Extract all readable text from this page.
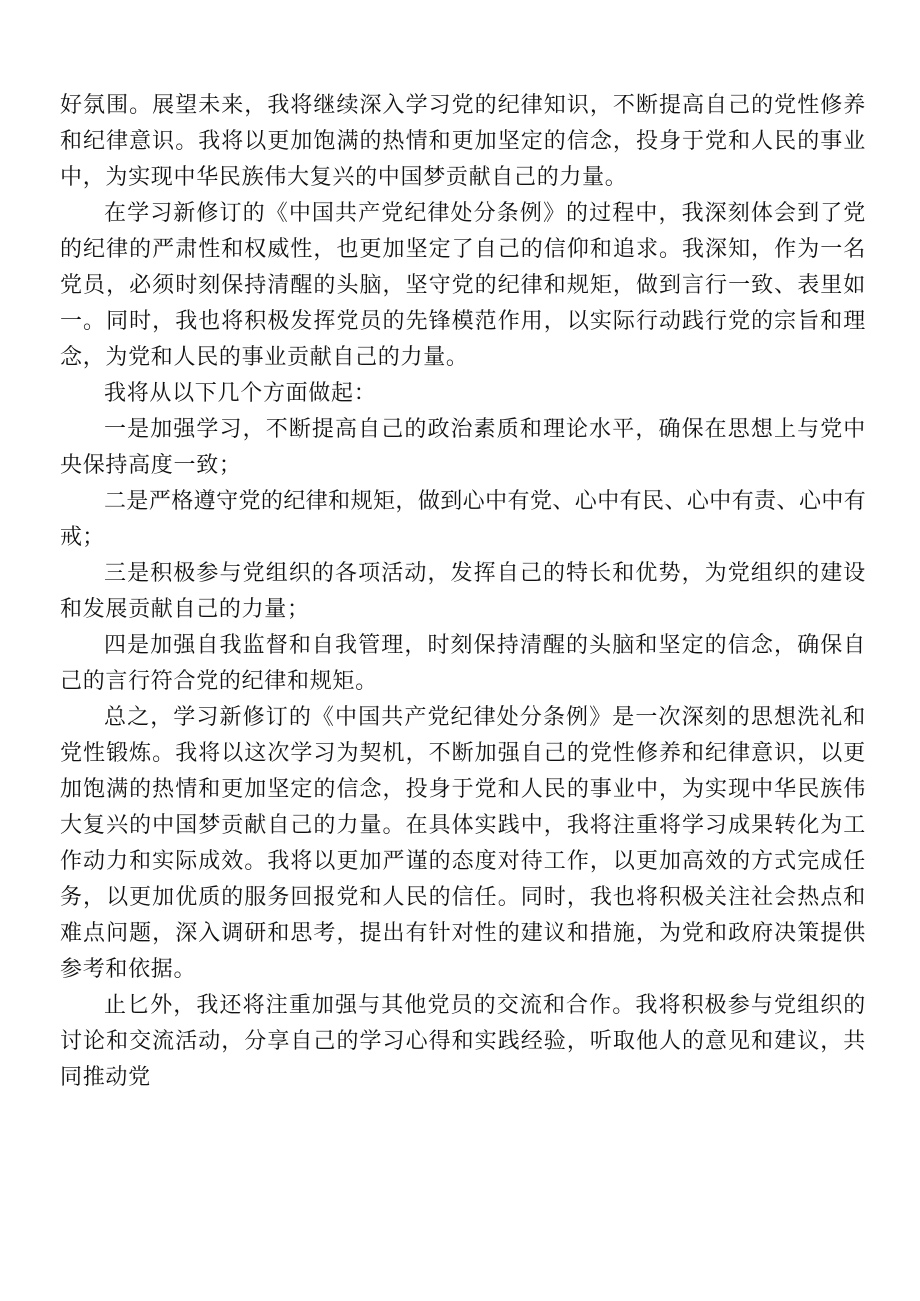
好氛围。展望未来，我将继续深入学习党的纪律知识，不断提高自己的党性修养和纪律意识。我将以更加饱满的热情和更加坚定的信念，投身于党和人民的事业中，为实现中华民族伟大复兴的中国梦贡献自己的力量。

在学习新修订的《中国共产党纪律处分条例》的过程中，我深刻体会到了党的纪律的严肃性和权威性，也更加坚定了自己的信仰和追求。我深知，作为一名党员，必须时刻保持清醒的头脑，坚守党的纪律和规矩，做到言行一致、表里如一。同时，我也将积极发挥党员的先锋模范作用，以实际行动践行党的宗旨和理念，为党和人民的事业贡献自己的力量。

我将从以下几个方面做起：

一是加强学习，不断提高自己的政治素质和理论水平，确保在思想上与党中央保持高度一致；

二是严格遵守党的纪律和规矩，做到心中有党、心中有民、心中有责、心中有戒；

三是积极参与党组织的各项活动，发挥自己的特长和优势，为党组织的建设和发展贡献自己的力量；

四是加强自我监督和自我管理，时刻保持清醒的头脑和坚定的信念，确保自己的言行符合党的纪律和规矩。

总之，学习新修订的《中国共产党纪律处分条例》是一次深刻的思想洗礼和党性锻炼。我将以这次学习为契机，不断加强自己的党性修养和纪律意识，以更加饱满的热情和更加坚定的信念，投身于党和人民的事业中，为实现中华民族伟大复兴的中国梦贡献自己的力量。在具体实践中，我将注重将学习成果转化为工作动力和实际成效。我将以更加严谨的态度对待工作，以更加高效的方式完成任务，以更加优质的服务回报党和人民的信任。同时，我也将积极关注社会热点和难点问题，深入调研和思考，提出有针对性的建议和措施，为党和政府决策提供参考和依据。

止匕外，我还将注重加强与其他党员的交流和合作。我将积极参与党组织的讨论和交流活动，分享自己的学习心得和实践经验，听取他人的意见和建议，共同推动党
